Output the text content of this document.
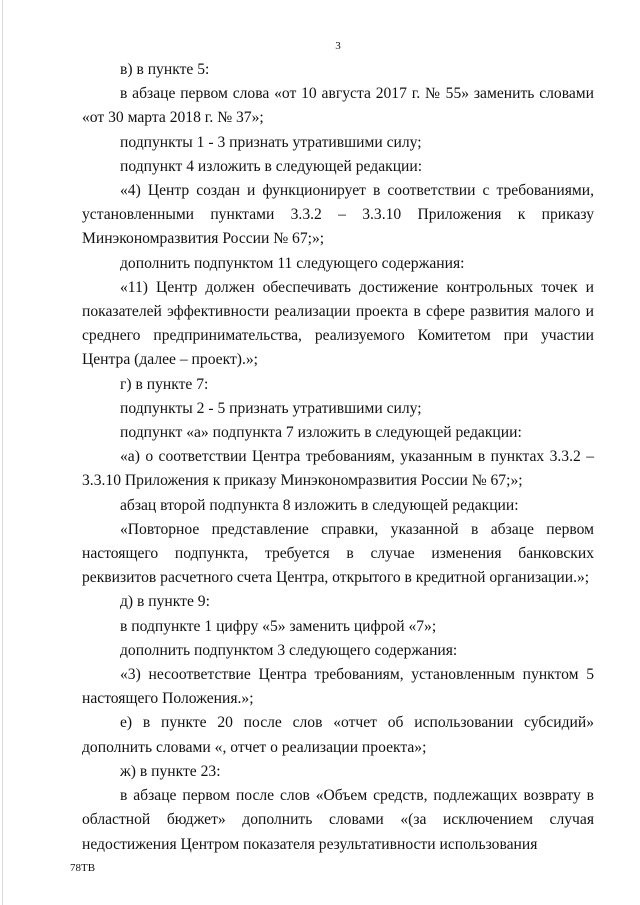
3

в) в пункте 5:

в абзаце первом слова «от 10 августа 2017 г. № 55» заменить словами «от 30 марта 2018 г. № 37»;

подпункты 1 - 3 признать утратившими силу;

подпункт 4 изложить в следующей редакции:

«4) Центр создан и функционирует в соответствии с требованиями, установленными пунктами 3.3.2 – 3.3.10 Приложения к приказу Минэкономразвития России № 67;»;

дополнить подпунктом 11 следующего содержания:

«11) Центр должен обеспечивать достижение контрольных точек и показателей эффективности реализации проекта в сфере развития малого и среднего предпринимательства, реализуемого Комитетом при участии Центра (далее – проект).»;

г) в пункте 7:

подпункты 2 - 5 признать утратившими силу;

подпункт «а» подпункта 7 изложить в следующей редакции:

«а) о соответствии Центра требованиям, указанным в пунктах 3.3.2 – 3.3.10 Приложения к приказу Минэкономразвития России № 67;»;

абзац второй подпункта 8 изложить в следующей редакции:

«Повторное представление справки, указанной в абзаце первом настоящего подпункта, требуется в случае изменения банковских реквизитов расчетного счета Центра, открытого в кредитной организации.»;

д) в пункте 9:

в подпункте 1 цифру «5» заменить цифрой «7»;

дополнить подпунктом 3 следующего содержания:

«3) несоответствие Центра требованиям, установленным пунктом 5 настоящего Положения.»;

е) в пункте 20 после слов «отчет об использовании субсидий» дополнить словами «, отчет о реализации проекта»;

ж) в пункте 23:

в абзаце первом после слов «Объем средств, подлежащих возврату в областной бюджет» дополнить словами «(за исключением случая недостижения Центром показателя результативности использования

78ТВ
